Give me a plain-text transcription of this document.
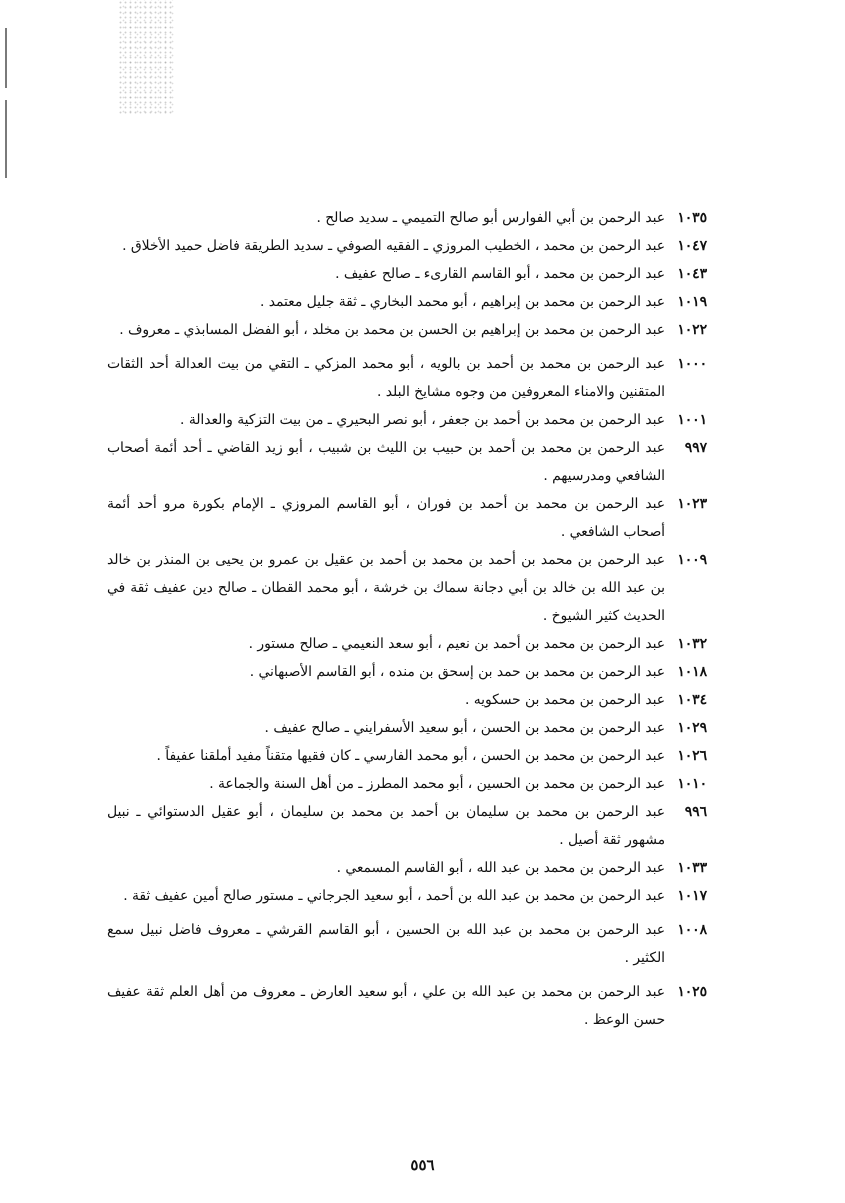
١٠٣٥
عبد الرحمن بن أبي الفوارس أبو صالح التميمي ـ سديد صالح .
١٠٤٧
عبد الرحمن بن محمد ، الخطيب المروزي ـ الفقيه الصوفي ـ سديد الطريقة فاضل حميد الأخلاق .
١٠٤٣
عبد الرحمن بن محمد ، أبو القاسم القارىء ـ صالح عفيف .
١٠١٩
عبد الرحمن بن محمد بن إبراهيم ، أبو محمد البخاري ـ ثقة جليل معتمد .
١٠٢٢
عبد الرحمن بن محمد بن إبراهيم بن الحسن بن محمد بن مخلد ، أبو الفضل المسابذي ـ معروف .
١٠٠٠
عبد الرحمن بن محمد بن أحمد بن بالويه ، أبو محمد المزكي ـ التقي من بيت العدالة أحد الثقات المتقنين والامناء المعروفين من وجوه مشايخ البلد .
١٠٠١
عبد الرحمن بن محمد بن أحمد بن جعفر ، أبو نصر البحيري ـ من بيت التزكية والعدالة .
٩٩٧
عبد الرحمن بن محمد بن أحمد بن حبيب بن الليث بن شبيب ، أبو زيد القاضي ـ أحد أئمة أصحاب الشافعي ومدرسيهم .
١٠٢٣
عبد الرحمن بن محمد بن أحمد بن فوران ، أبو القاسم المروزي ـ الإمام بكورة مرو أحد أئمة أصحاب الشافعي .
١٠٠٩
عبد الرحمن بن محمد بن أحمد بن محمد بن أحمد بن عقيل بن عمرو بن يحيى بن المنذر بن خالد بن عبد الله بن خالد بن أبي دجانة سماك بن خرشة ، أبو محمد القطان ـ صالح دين عفيف ثقة في الحديث كثير الشيوخ .
١٠٣٢
عبد الرحمن بن محمد بن أحمد بن نعيم ، أبو سعد النعيمي ـ صالح مستور .
١٠١٨
عبد الرحمن بن محمد بن حمد بن إسحق بن منده ، أبو القاسم الأصبهاني .
١٠٣٤
عبد الرحمن بن محمد بن حسكويه .
١٠٢٩
عبد الرحمن بن محمد بن الحسن ، أبو سعيد الأسفرايني ـ صالح عفيف .
١٠٢٦
عبد الرحمن بن محمد بن الحسن ، أبو محمد الفارسي ـ كان فقيها متقناً مفيد أملقنا عفيفاً .
١٠١٠
عبد الرحمن بن محمد بن الحسين ، أبو محمد المطرز ـ من أهل السنة والجماعة .
٩٩٦
عبد الرحمن بن محمد بن سليمان بن أحمد بن محمد بن سليمان ، أبو عقيل الدستوائي ـ نبيل مشهور ثقة أصيل .
١٠٣٣
عبد الرحمن بن محمد بن عبد الله ، أبو القاسم المسمعي .
١٠١٧
عبد الرحمن بن محمد بن عبد الله بن أحمد ، أبو سعيد الجرجاني ـ مستور صالح أمين عفيف ثقة .
١٠٠٨
عبد الرحمن بن محمد بن عبد الله بن الحسين ، أبو القاسم القرشي ـ معروف فاضل نبيل سمع الكثير .
١٠٢٥
عبد الرحمن بن محمد بن عبد الله بن علي ، أبو سعيد العارض ـ معروف من أهل العلم ثقة عفيف حسن الوعظ .
٥٥٦
